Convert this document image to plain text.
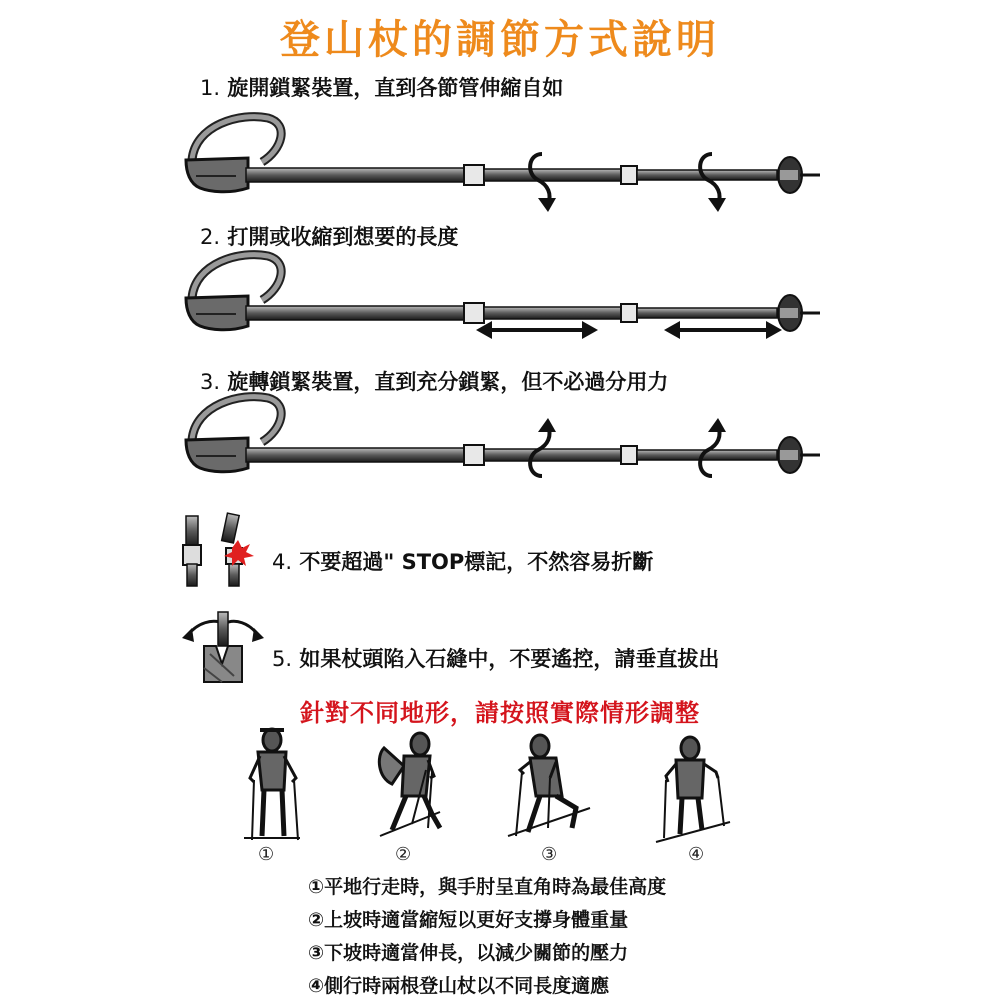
登山杖的調節方式說明
1. 旋開鎖緊裝置，直到各節管伸縮自如
2. 打開或收縮到想要的長度
3. 旋轉鎖緊裝置，直到充分鎖緊，但不必過分用力
4. 不要超過" STOP標記，不然容易折斷
5. 如果杖頭陷入石縫中，不要遙控，請垂直拔出
針對不同地形，請按照實際情形調整
①	②	③	④
①平地行走時，與手肘呈直角時為最佳高度
②上坡時適當縮短以更好支撐身體重量
③下坡時適當伸長，以減少關節的壓力
④側行時兩根登山杖以不同長度適應
